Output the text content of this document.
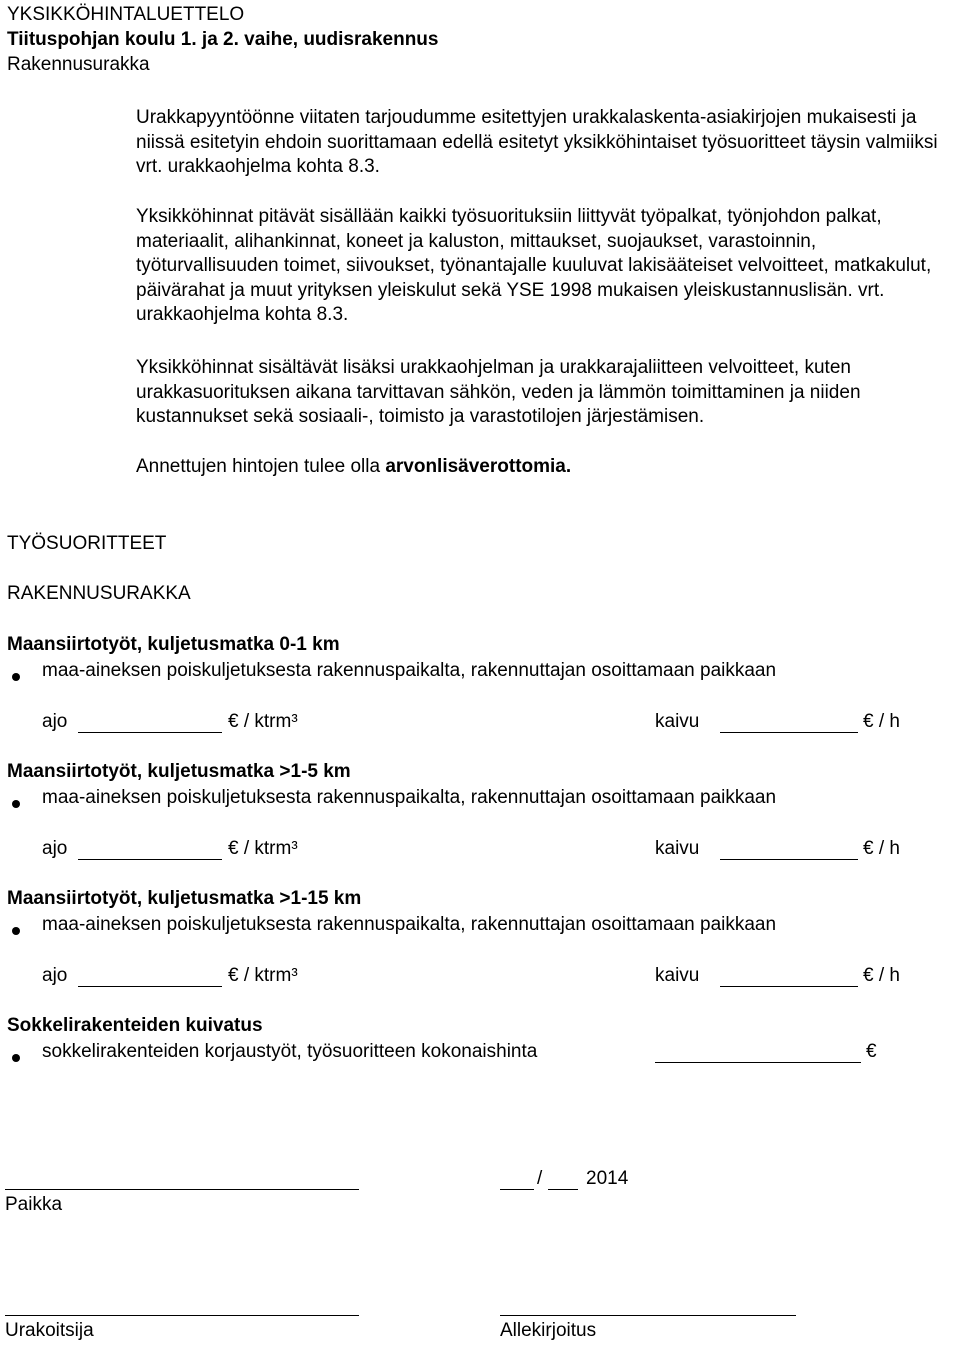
YKSIKKÖHINTALUETTELO
Tiituspohjan koulu 1. ja 2. vaihe, uudisrakennus
Rakennusurakka
Urakkapyyntöönne viitaten tarjoudumme esitettyjen urakkalaskenta-asiakirjojen mukaisesti ja niissä esitetyin ehdoin suorittamaan edellä esitetyt yksikköhintaiset työsuoritteet täysin valmiiksi vrt. urakkaohjelma kohta 8.3.
Yksikköhinnat pitävät sisällään kaikki työsuorituksiin liittyvät työpalkat, työnjohdon palkat, materiaalit, alihankinnat, koneet ja kaluston, mittaukset, suojaukset, varastoinnin, työturvallisuuden toimet, siivoukset, työnantajalle kuuluvat lakisääteiset velvoitteet, matkakulut, päivärahat ja muut yrityksen yleiskulut sekä YSE 1998 mukaisen yleiskustannuslisän. vrt. urakkaohjelma kohta 8.3.
Yksikköhinnat sisältävät lisäksi urakkaohjelman ja urakkarajaliitteen velvoitteet, kuten urakkasuorituksen aikana tarvittavan sähkön, veden ja lämmön toimittaminen ja niiden kustannukset sekä sosiaali-, toimisto ja varastotilojen järjestämisen.
Annettujen hintojen tulee olla arvonlisäverottomia.
TYÖSUORITTEET
RAKENNUSURAKKA
Maansiirtotyöt, kuljetusmatka 0-1 km
maa-aineksen poiskuljetuksesta rakennuspaikalta, rakennuttajan osoittamaan paikkaan
ajo	€ / ktrm³	kaivu	€ / h
Maansiirtotyöt, kuljetusmatka >1-5 km
maa-aineksen poiskuljetuksesta rakennuspaikalta, rakennuttajan osoittamaan paikkaan
ajo	€ / ktrm³	kaivu	€ / h
Maansiirtotyöt, kuljetusmatka >1-15 km
maa-aineksen poiskuljetuksesta rakennuspaikalta, rakennuttajan osoittamaan paikkaan
ajo	€ / ktrm³	kaivu	€ / h
Sokkelirakenteiden kuivatus
sokkelirakenteiden korjaustyöt, työsuoritteen kokonaishinta	€
Paikka
/ 2014
Urakoitsija	Allekirjoitus
